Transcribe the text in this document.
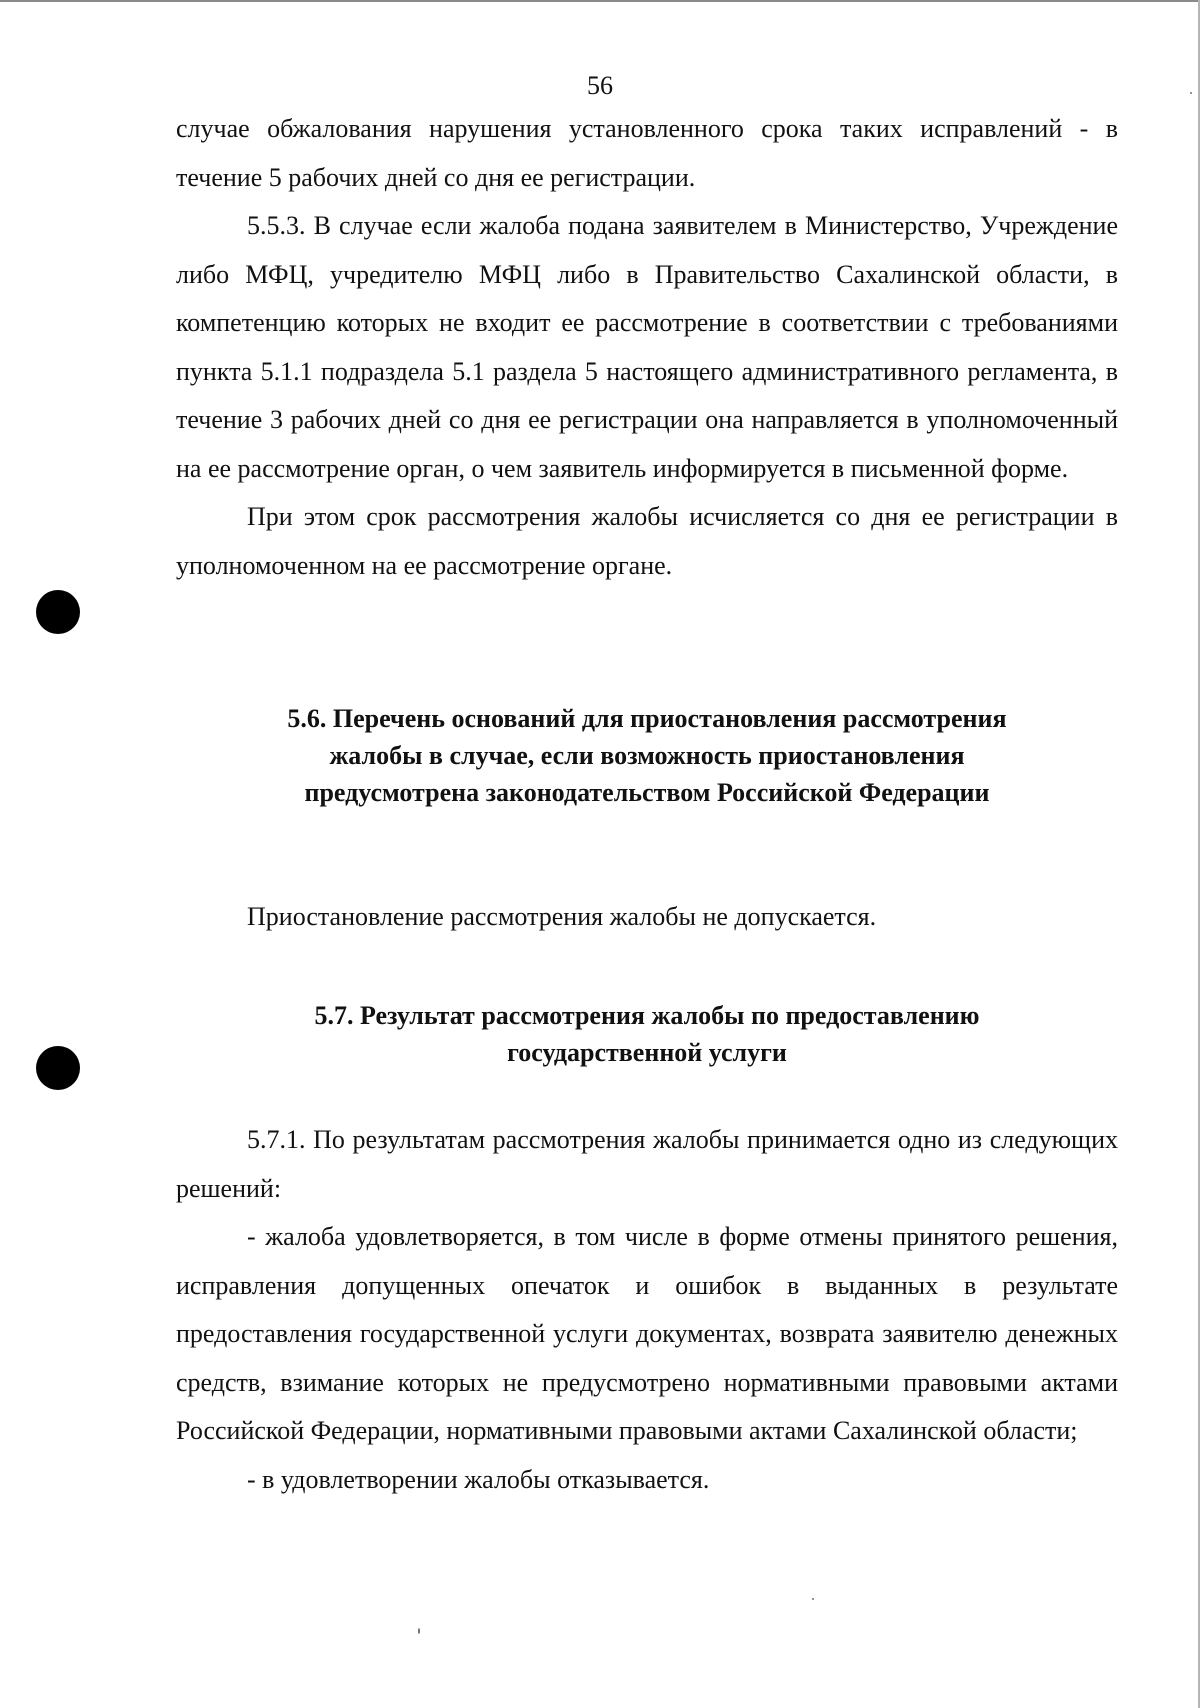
56

случае обжалования нарушения установленного срока таких исправлений - в течение 5 рабочих дней со дня ее регистрации.

5.5.3. В случае если жалоба подана заявителем в Министерство, Учреждение либо МФЦ, учредителю МФЦ либо в Правительство Сахалинской области, в компетенцию которых не входит ее рассмотрение в соответствии с требованиями пункта 5.1.1 подраздела 5.1 раздела 5 настоящего административного регламента, в течение 3 рабочих дней со дня ее регистрации она направляется в уполномоченный на ее рассмотрение орган, о чем заявитель информируется в письменной форме.

При этом срок рассмотрения жалобы исчисляется со дня ее регистрации в уполномоченном на ее рассмотрение органе.

5.6. Перечень оснований для приостановления рассмотрения
жалобы в случае, если возможность приостановления
предусмотрена законодательством Российской Федерации

Приостановление рассмотрения жалобы не допускается.

5.7. Результат рассмотрения жалобы по предоставлению
государственной услуги

5.7.1. По результатам рассмотрения жалобы принимается одно из следующих решений:

- жалоба удовлетворяется, в том числе в форме отмены принятого решения, исправления допущенных опечаток и ошибок в выданных в результате предоставления государственной услуги документах, возврата заявителю денежных средств, взимание которых не предусмотрено нормативными правовыми актами Российской Федерации, нормативными правовыми актами Сахалинской области;

- в удовлетворении жалобы отказывается.
